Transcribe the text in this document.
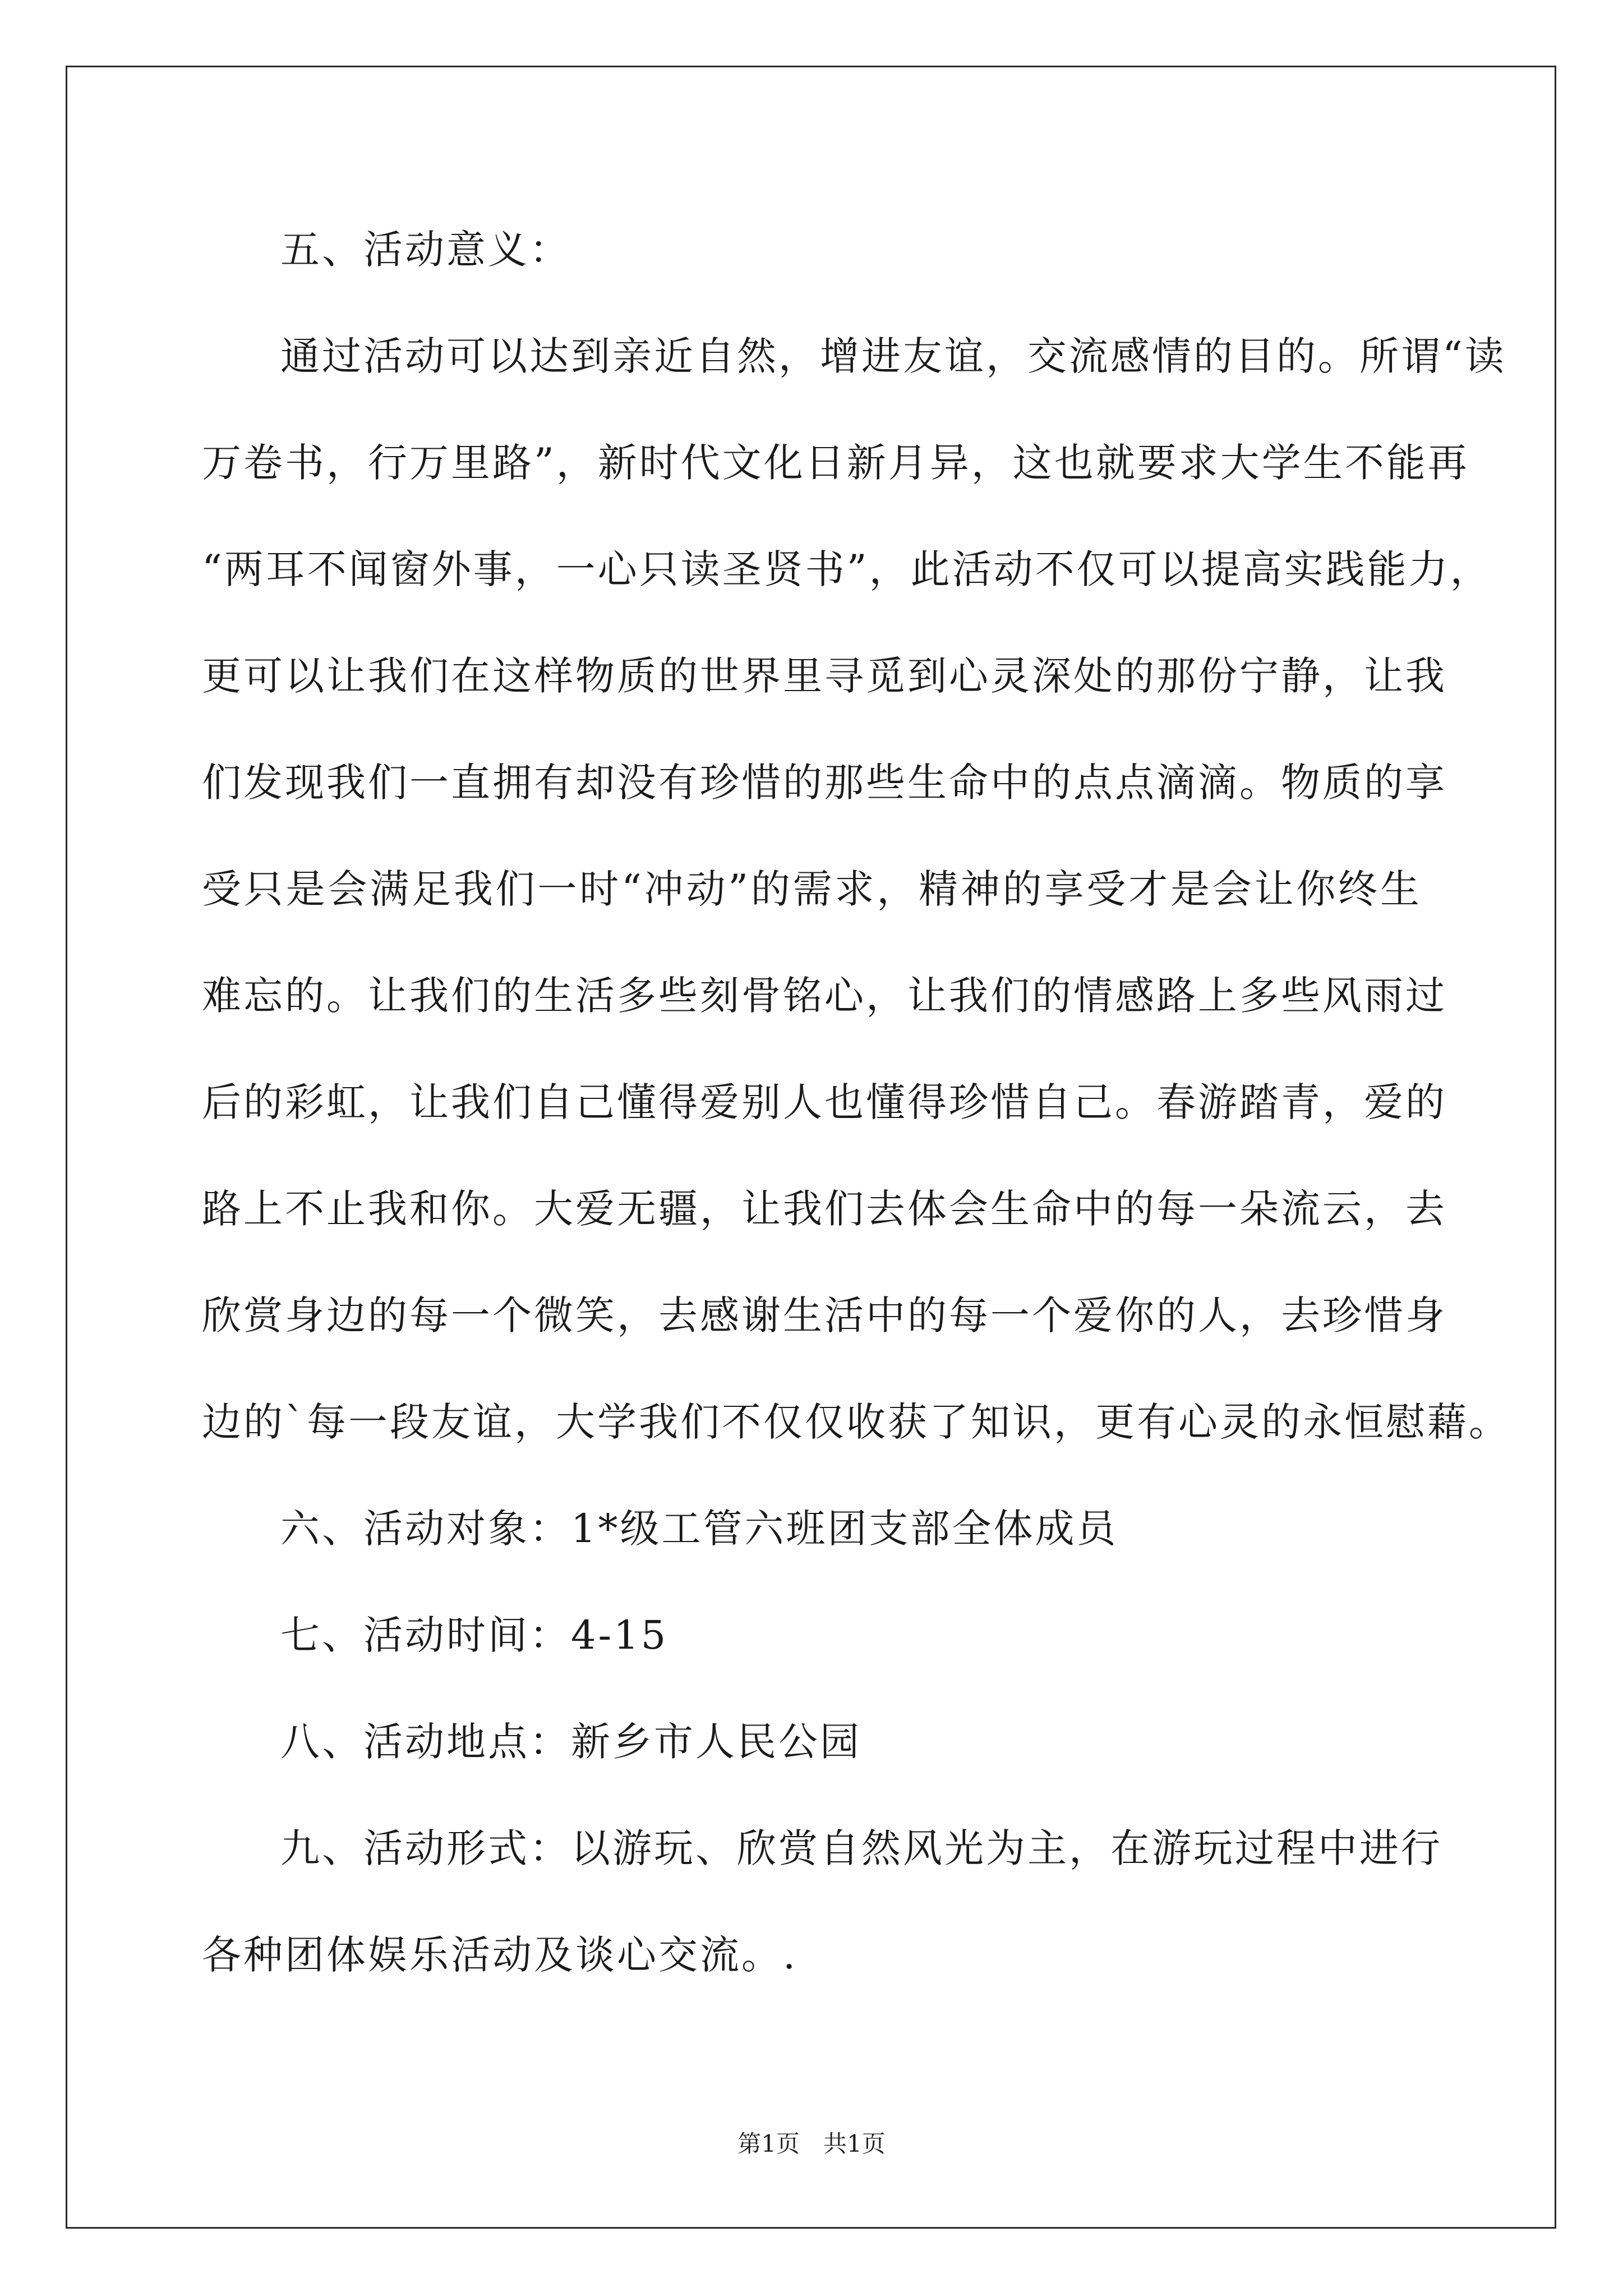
五、活动意义：
通过活动可以达到亲近自然，增进友谊，交流感情的目的。所谓“读
万卷书，行万里路”，新时代文化日新月异，这也就要求大学生不能再
“两耳不闻窗外事，一心只读圣贤书”，此活动不仅可以提高实践能力，
更可以让我们在这样物质的世界里寻觅到心灵深处的那份宁静，让我
们发现我们一直拥有却没有珍惜的那些生命中的点点滴滴。物质的享
受只是会满足我们一时“冲动”的需求，精神的享受才是会让你终生
难忘的。让我们的生活多些刻骨铭心，让我们的情感路上多些风雨过
后的彩虹，让我们自己懂得爱别人也懂得珍惜自己。春游踏青，爱的
路上不止我和你。大爱无疆，让我们去体会生命中的每一朵流云，去
欣赏身边的每一个微笑，去感谢生活中的每一个爱你的人，去珍惜身
边的`每一段友谊，大学我们不仅仅收获了知识，更有心灵的永恒慰藉。
六、活动对象：1*级工管六班团支部全体成员
七、活动时间：4-15
八、活动地点：新乡市人民公园
九、活动形式：以游玩、欣赏自然风光为主，在游玩过程中进行
各种团体娱乐活动及谈心交流。.
第1页　共1页
